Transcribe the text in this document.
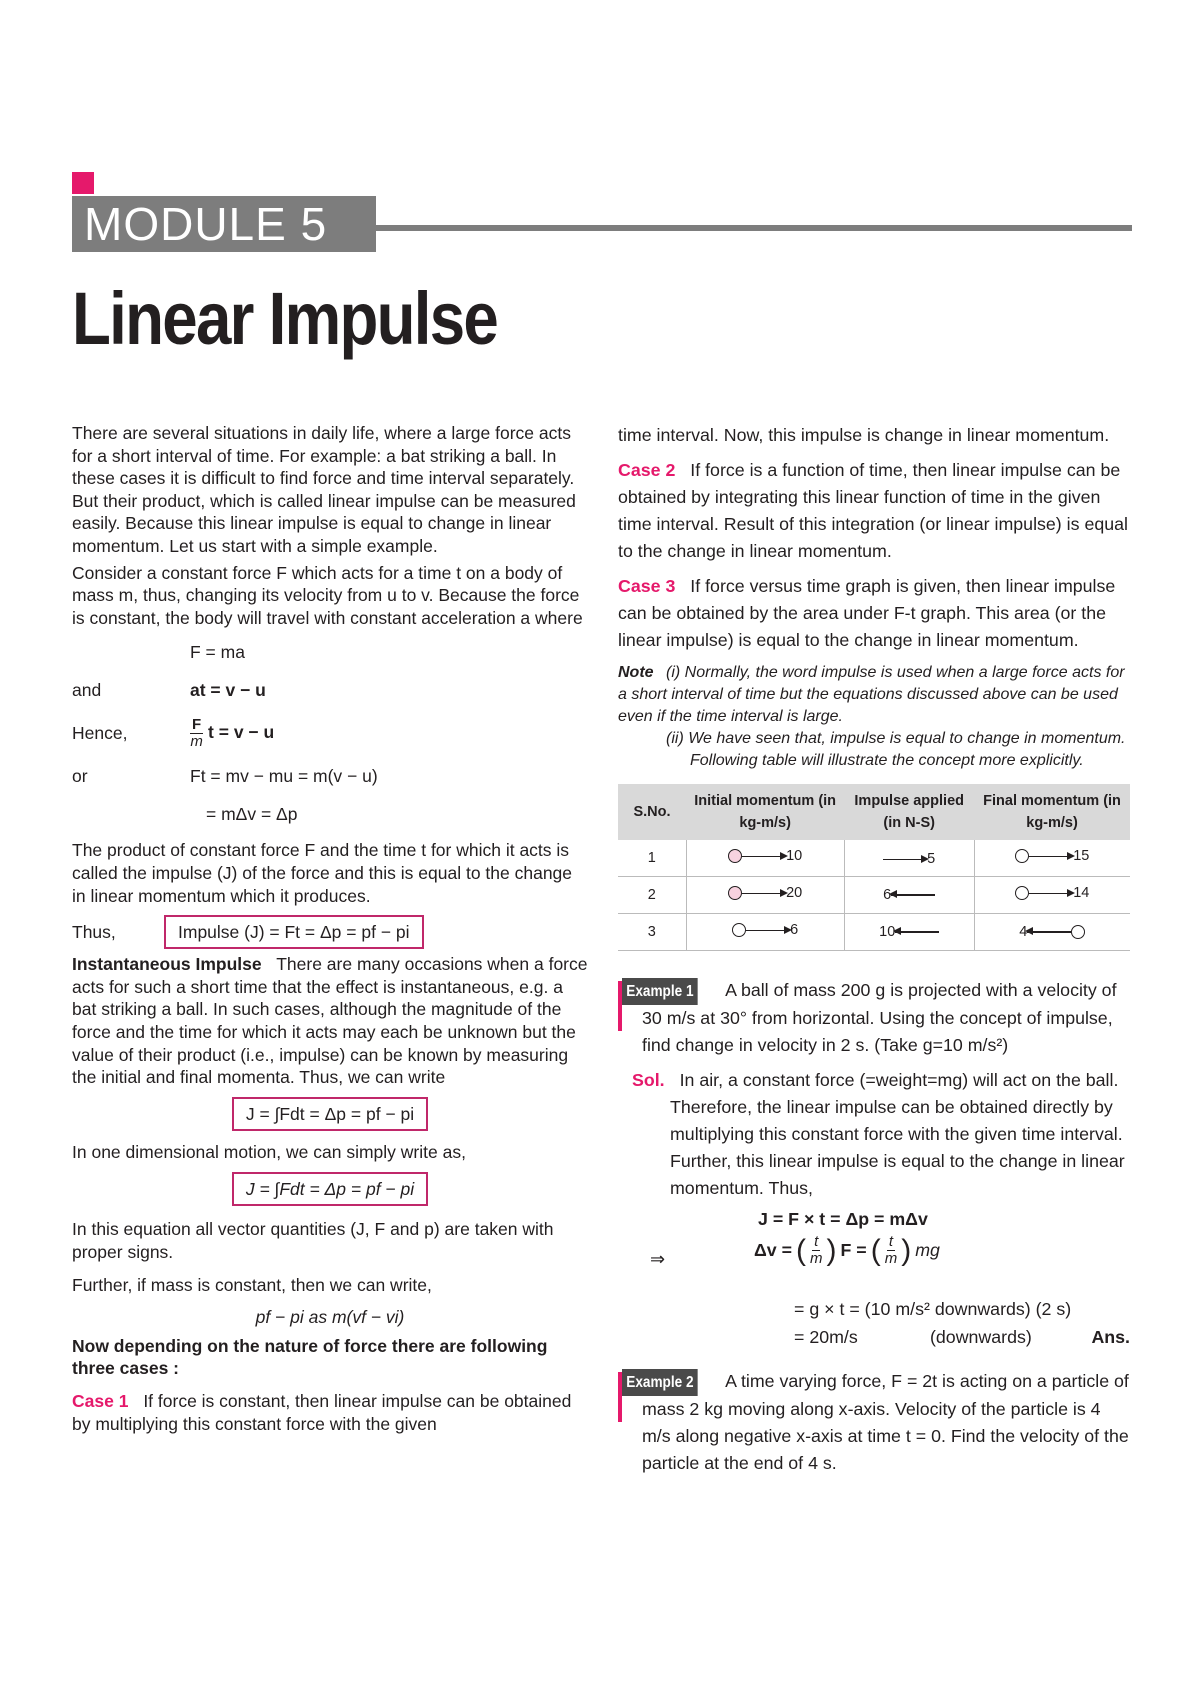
MODULE 5
Linear Impulse

There are several situations in daily life, where a large force acts for a short interval of time. For example: a bat striking a ball. In these cases it is difficult to find force and time interval separately. But their product, which is called linear impulse can be measured easily. Because this linear impulse is equal to change in linear momentum. Let us start with a simple example.

Consider a constant force F which acts for a time t on a body of mass m, thus, changing its velocity from u to v. Because the force is constant, the body will travel with constant acceleration a where

F = ma
and	at = v − u
Hence,	$\frac{F}{m}$ t = v − u
or	Ft = mv − mu = m(v − u)
= mΔv = Δp

The product of constant force F and the time t for which it acts is called the impulse (J) of the force and this is equal to the change in linear momentum which it produces.

Thus,	Impulse (J) = Ft = Δp = pf − pi

Instantaneous Impulse There are many occasions when a force acts for such a short time that the effect is instantaneous, e.g. a bat striking a ball. In such cases, although the magnitude of the force and the time for which it acts may each be unknown but the value of their product (i.e., impulse) can be known by measuring the initial and final momenta. Thus, we can write

J = ∫Fdt = Δp = pf − pi

In one dimensional motion, we can simply write as,

J = ∫Fdt = Δp = pf − pi

In this equation all vector quantities (J, F and p) are taken with proper signs.

Further, if mass is constant, then we can write,

pf − pi as m(vf − vi)

Now depending on the nature of force there are following three cases :

Case 1 If force is constant, then linear impulse can be obtained by multiplying this constant force with the given

time interval. Now, this impulse is change in linear momentum.

Case 2 If force is a function of time, then linear impulse can be obtained by integrating this linear function of time in the given time interval. Result of this integration (or linear impulse) is equal to the change in linear momentum.

Case 3 If force versus time graph is given, then linear impulse can be obtained by the area under F-t graph. This area (or the linear impulse) is equal to the change in linear momentum.

Note (i) Normally, the word impulse is used when a large force acts for a short interval of time but the equations discussed above can be used even if the time interval is large.
(ii) We have seen that, impulse is equal to change in momentum. Following table will illustrate the concept more explicitly.
S.No.	Initial momentum (in kg-m/s)	Impulse applied (in N-S)	Final momentum (in kg-m/s)
1	10	5	15

2	20	6	14

3	6	10	4

Example 1 A ball of mass 200 g is projected with a velocity of 30 m/s at 30° from horizontal. Using the concept of impulse, find change in velocity in 2 s. (Take g=10 m/s²)

Sol. In air, a constant force (=weight=mg) will act on the ball. Therefore, the linear impulse can be obtained directly by multiplying this constant force with the given time interval. Further, this linear impulse is equal to the change in linear momentum. Thus,

J = F × t = Δp = mΔv
⇒	Δv = ( $\frac{t}{m}$ ) F = ( $\frac{t}{m}$ ) mg
= g × t = (10 m/s² downwards) (2 s)
= 20m/s	(downwards)	Ans.

Example 2 A time varying force, F = 2t is acting on a particle of mass 2 kg moving along x-axis. Velocity of the particle is 4 m/s along negative x-axis at time t = 0. Find the velocity of the particle at the end of 4 s.
